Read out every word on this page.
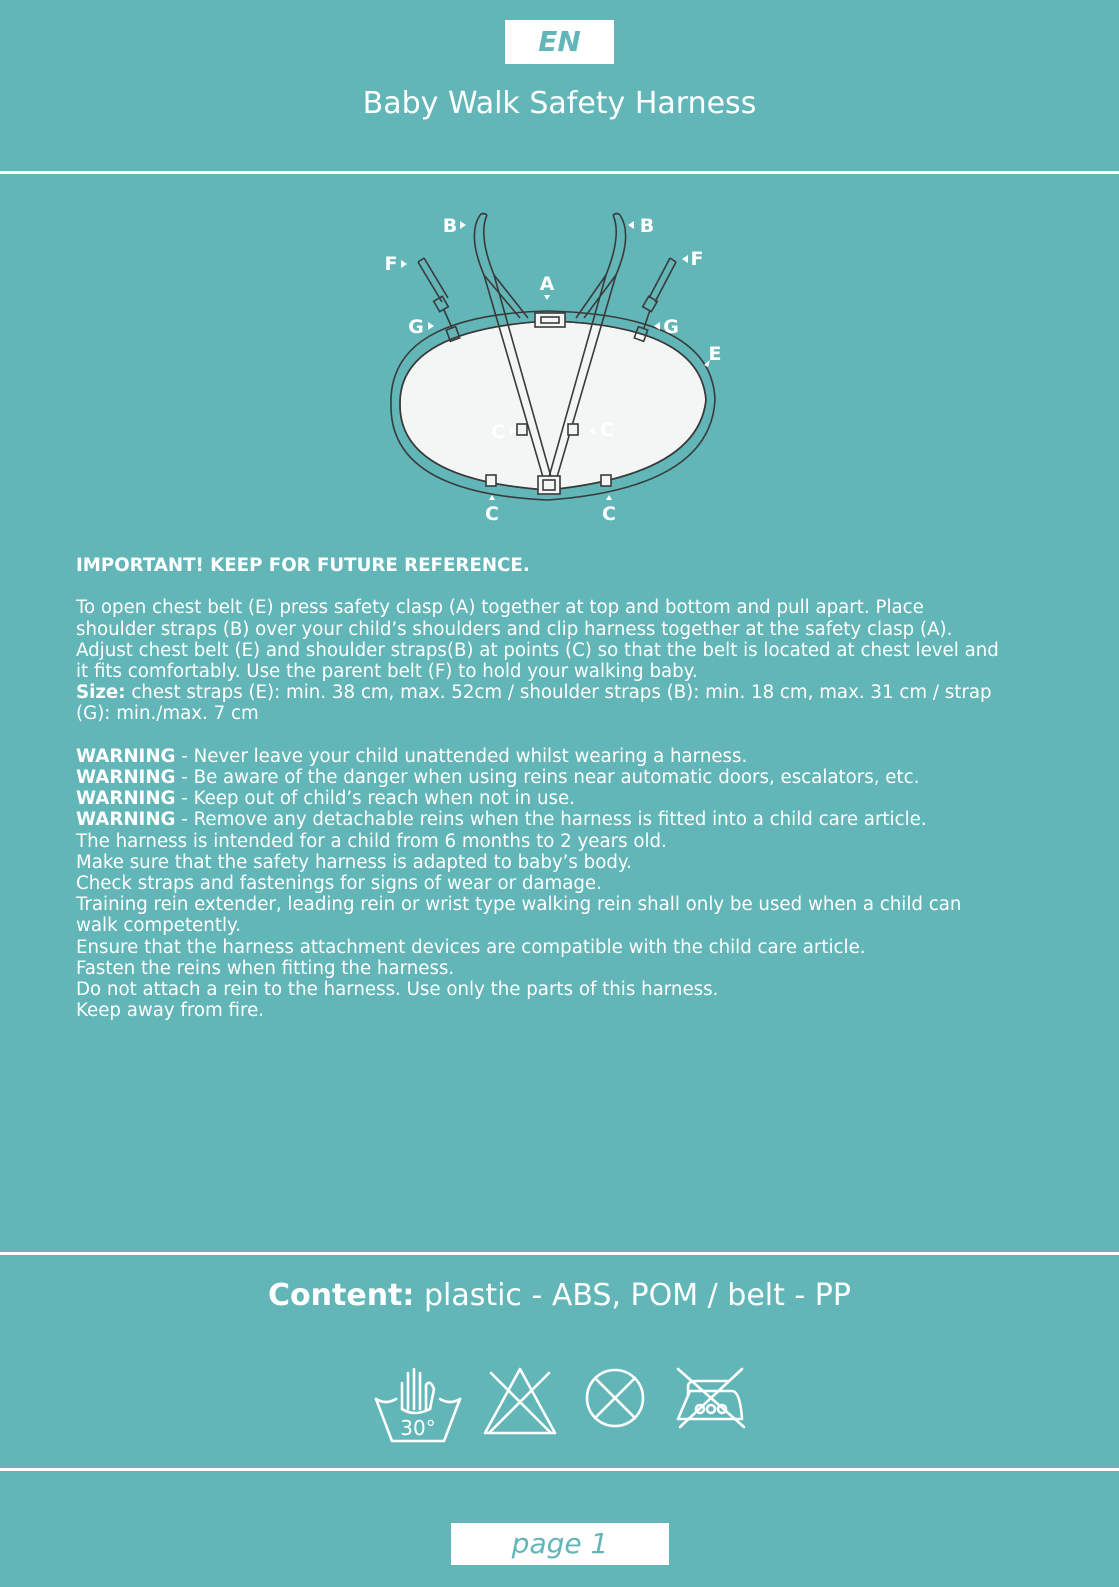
EN
Baby Walk Safety Harness
B	B
F	F
A
G	G
E
C	C
C	C

IMPORTANT! KEEP FOR FUTURE REFERENCE.

To open chest belt (E) press safety clasp (A) together at top and bottom and pull apart. Place

shoulder straps (B) over your child’s shoulders and clip harness together at the safety clasp (A).

Adjust chest belt (E) and shoulder straps(B) at points (C) so that the belt is located at chest level and

it fits comfortably. Use the parent belt (F) to hold your walking baby.

Size: chest straps (E): min. 38 cm, max. 52cm / shoulder straps (B): min. 18 cm, max. 31 cm / strap

(G): min./max. 7 cm

WARNING - Never leave your child unattended whilst wearing a harness.

WARNING - Be aware of the danger when using reins near automatic doors, escalators, etc.

WARNING - Keep out of child’s reach when not in use.

WARNING - Remove any detachable reins when the harness is fitted into a child care article.

The harness is intended for a child from 6 months to 2 years old.

Make sure that the safety harness is adapted to baby’s body.

Check straps and fastenings for signs of wear or damage.

Training rein extender, leading rein or wrist type walking rein shall only be used when a child can

walk competently.

Ensure that the harness attachment devices are compatible with the child care article.

Fasten the reins when fitting the harness.

Do not attach a rein to the harness. Use only the parts of this harness.

Keep away from fire.

Content: plastic - ABS, POM / belt - PP
30°
page 1
